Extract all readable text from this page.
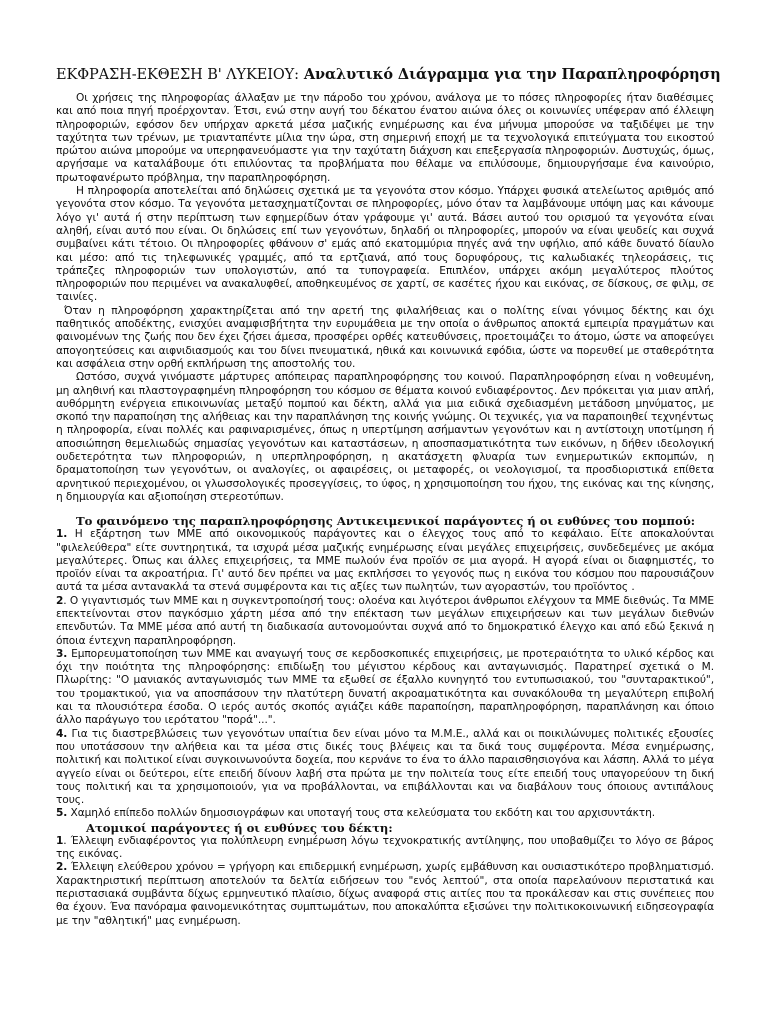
ΕΚΦΡΑΣΗ-ΕΚΘΕΣΗ Β' ΛΥΚΕΙΟΥ: Αναλυτικό Διάγραμμα για την Παραπληροφόρηση

Οι χρήσεις της πληροφορίας άλλαξαν με την πάροδο του χρόνου, ανάλογα με το πόσες πληροφορίες ήταν διαθέσιμες και από ποια πηγή προέρχονταν. Έτσι, ενώ στην αυγή του δέκατου ένατου αιώνα όλες οι κοινωνίες υπέφεραν από έλλειψη πληροφοριών, εφόσον δεν υπήρχαν αρκετά μέσα μαζικής ενημέρωσης και ένα μήνυμα μπορούσε να ταξιδέψει με την ταχύτητα των τρένων, με τριανταπέντε μίλια την ώρα, στη σημερινή εποχή με τα τεχνολογικά επιτεύγματα του εικοστού πρώτου αιώνα μπορούμε να υπερηφανευόμαστε για την ταχύτατη διάχυση και επεξεργασία πληροφοριών. Δυστυχώς, όμως, αργήσαμε να καταλάβουμε ότι επιλύοντας τα προβλήματα που θέλαμε να επιλύσουμε, δημιουργήσαμε ένα καινούριο, πρωτοφανέρωτο πρόβλημα, την παραπληροφόρηση.

Η πληροφορία αποτελείται από δηλώσεις σχετικά με τα γεγονότα στον κόσμο. Υπάρχει φυσικά ατελείωτος αριθμός από γεγονότα στον κόσμο. Τα γεγονότα μετασχηματίζονται σε πληροφορίες, μόνο όταν τα λαμβάνουμε υπόψη μας και κάνουμε λόγο γι' αυτά ή στην περίπτωση των εφημερίδων όταν γράφουμε γι' αυτά. Βάσει αυτού του ορισμού τα γεγονότα είναι αληθή, είναι αυτό που είναι. Οι δηλώσεις επί των γεγονότων, δηλαδή οι πληροφορίες, μπορούν να είναι ψευδείς και συχνά συμβαίνει κάτι τέτοιο. Οι πληροφορίες φθάνουν σ' εμάς από εκατομμύρια πηγές ανά την υφήλιο, από κάθε δυνατό δίαυλο και μέσο: από τις τηλεφωνικές γραμμές, από τα ερτζιανά, από τους δορυφόρους, τις καλωδιακές τηλεοράσεις, τις τράπεζες πληροφοριών των υπολογιστών, από τα τυπογραφεία. Επιπλέον, υπάρχει ακόμη μεγαλύτερος πλούτος πληροφοριών που περιμένει να ανακαλυφθεί, αποθηκευμένος σε χαρτί, σε κασέτες ήχου και εικόνας, σε δίσκους, σε φιλμ, σε ταινίες.

Όταν η πληροφόρηση χαρακτηρίζεται από την αρετή της φιλαλήθειας και ο πολίτης είναι γόνιμος δέκτης και όχι παθητικός αποδέκτης, ενισχύει αναμφισβήτητα την ευρυμάθεια με την οποία ο άνθρωπος αποκτά εμπειρία πραγμάτων και φαινομένων της ζωής που δεν έχει ζήσει άμεσα, προσφέρει ορθές κατευθύνσεις, προετοιμάζει το άτομο, ώστε να αποφεύγει απογοητεύσεις και αιφνιδιασμούς και του δίνει πνευματικά, ηθικά και κοινωνικά εφόδια, ώστε να πορευθεί με σταθερότητα και ασφάλεια στην ορθή εκπλήρωση της αποστολής του.

Ωστόσο, συχνά γινόμαστε μάρτυρες απόπειρας παραπληροφόρησης του κοινού. Παραπληροφόρηση είναι η νοθευμένη, μη αληθινή και πλαστογραφημένη πληροφόρηση του κόσμου σε θέματα κοινού ενδιαφέροντος. Δεν πρόκειται για μιαν απλή, αυθόρμητη ενέργεια επικοινωνίας μεταξύ πομπού και δέκτη, αλλά για μια ειδικά σχεδιασμένη μετάδοση μηνύματος, με σκοπό την παραποίηση της αλήθειας και την παραπλάνηση της κοινής γνώμης. Οι τεχνικές, για να παραποιηθεί τεχνηέντως η πληροφορία, είναι πολλές και ραφιναρισμένες, όπως η υπερτίμηση ασήμαντων γεγονότων και η αντίστοιχη υποτίμηση ή αποσιώπηση θεμελιωδώς σημασίας γεγονότων και καταστάσεων, η αποσπασματικότητα των εικόνων, η δήθεν ιδεολογική ουδετερότητα των πληροφοριών, η υπερπληροφόρηση, η ακατάσχετη φλυαρία των ενημερωτικών εκπομπών, η δραματοποίηση των γεγονότων, οι αναλογίες, οι αφαιρέσεις, οι μεταφορές, οι νεολογισμοί, τα προσδιοριστικά επίθετα αρνητικού περιεχομένου, οι γλωσσολογικές προσεγγίσεις, το ύφος, η χρησιμοποίηση του ήχου, της εικόνας και της κίνησης, η δημιουργία και αξιοποίηση στερεοτύπων.

Το φαινόμενο της παραπληροφόρησης Αντικειμενικοί παράγοντες ή οι ευθύνες του πομπού:

1. Η εξάρτηση των ΜΜΕ από οικονομικούς παράγοντες και ο έλεγχος τους από το κεφάλαιο. Είτε αποκαλούνται "φιλελεύθερα" είτε συντηρητικά, τα ισχυρά μέσα μαζικής ενημέρωσης είναι μεγάλες επιχειρήσεις, συνδεδεμένες με ακόμα μεγαλύτερες. Όπως και άλλες επιχειρήσεις, τα ΜΜΕ πωλούν ένα προϊόν σε μια αγορά. Η αγορά είναι οι διαφημιστές, το προϊόν είναι τα ακροατήρια. Γι' αυτό δεν πρέπει να μας εκπλήσσει το γεγονός πως η εικόνα του κόσμου που παρουσιάζουν αυτά τα μέσα αντανακλά τα στενά συμφέροντα και τις αξίες των πωλητών, των αγοραστών, του προϊόντος .

2. Ο γιγαντισμός των ΜΜΕ και η συγκεντροποίησή τους: ολοένα και λιγότεροι άνθρωποι ελέγχουν τα ΜΜΕ διεθνώς. Τα ΜΜΕ επεκτείνονται στον παγκόσμιο χάρτη μέσα από την επέκταση των μεγάλων επιχειρήσεων και των μεγάλων διεθνών επενδυτών. Τα ΜΜΕ μέσα από αυτή τη διαδικασία αυτονομούνται συχνά από το δημοκρατικό έλεγχο και από εδώ ξεκινά η όποια έντεχνη παραπληροφόρηση.

3. Εμπορευματοποίηση των ΜΜΕ και αναγωγή τους σε κερδοσκοπικές επιχειρήσεις, με προτεραιότητα το υλικό κέρδος και όχι την ποιότητα της πληροφόρησης: επιδίωξη του μέγιστου κέρδους και ανταγωνισμός. Παρατηρεί σχετικά ο Μ. Πλωρίτης: "Ο μανιακός ανταγωνισμός των ΜΜΕ τα εξωθεί σε έξαλλο κυνηγητό του εντυπωσιακού, του "συνταρακτικού", του τρομακτικού, για να αποσπάσουν την πλατύτερη δυνατή ακροαματικότητα και συνακόλουθα τη μεγαλύτερη επιβολή και τα πλουσιότερα έσοδα. Ο ιερός αυτός σκοπός αγιάζει κάθε παραποίηση, παραπληροφόρηση, παραπλάνηση και όποιο άλλο παράγωγο του ιερότατου "πορά"...".

4. Για τις διαστρεβλώσεις των γεγονότων υπαίτια δεν είναι μόνο τα Μ.Μ.Ε., αλλά και οι ποικιλώνυμες πολιτικές εξουσίες που υποτάσσουν την αλήθεια και τα μέσα στις δικές τους βλέψεις και τα δικά τους συμφέροντα. Μέσα ενημέρωσης, πολιτική και πολιτικοί είναι συγκοινωνούντα δοχεία, που κερνάνε το ένα το άλλο παραισθησιογόνα και λάσπη. Αλλά το μέγα αγγείο είναι οι δεύτεροι, είτε επειδή δίνουν λαβή στα πρώτα με την πολιτεία τους είτε επειδή τους υπαγορεύουν τη δική τους πολιτική και τα χρησιμοποιούν, για να προβάλλονται, να επιβάλλονται και να διαβάλουν τους όποιους αντιπάλους τους.

5. Χαμηλό επίπεδο πολλών δημοσιογράφων και υποταγή τους στα κελεύσματα του εκδότη και του αρχισυντάκτη.

Ατομικοί παράγοντες ή οι ευθύνες του δέκτη:

1. Έλλειψη ενδιαφέροντος για πολύπλευρη ενημέρωση λόγω τεχνοκρατικής αντίληψης, που υποβαθμίζει το λόγο σε βάρος της εικόνας.

2. Έλλειψη ελεύθερου χρόνου = γρήγορη και επιδερμική ενημέρωση, χωρίς εμβάθυνση και ουσιαστικότερο προβληματισμό. Χαρακτηριστική περίπτωση αποτελούν τα δελτία ειδήσεων του "ενός λεπτού", στα οποία παρελαύνουν περιστατικά και περιστασιακά συμβάντα δίχως ερμηνευτικό πλαίσιο, δίχως αναφορά στις αιτίες που τα προκάλεσαν και στις συνέπειες που θα έχουν. Ένα πανόραμα φαινομενικότητας συμπτωμάτων, που αποκαλύπτα εξισώνει την πολιτικοκοινωνική ειδησεογραφία με την "αθλητική" μας ενημέρωση.
